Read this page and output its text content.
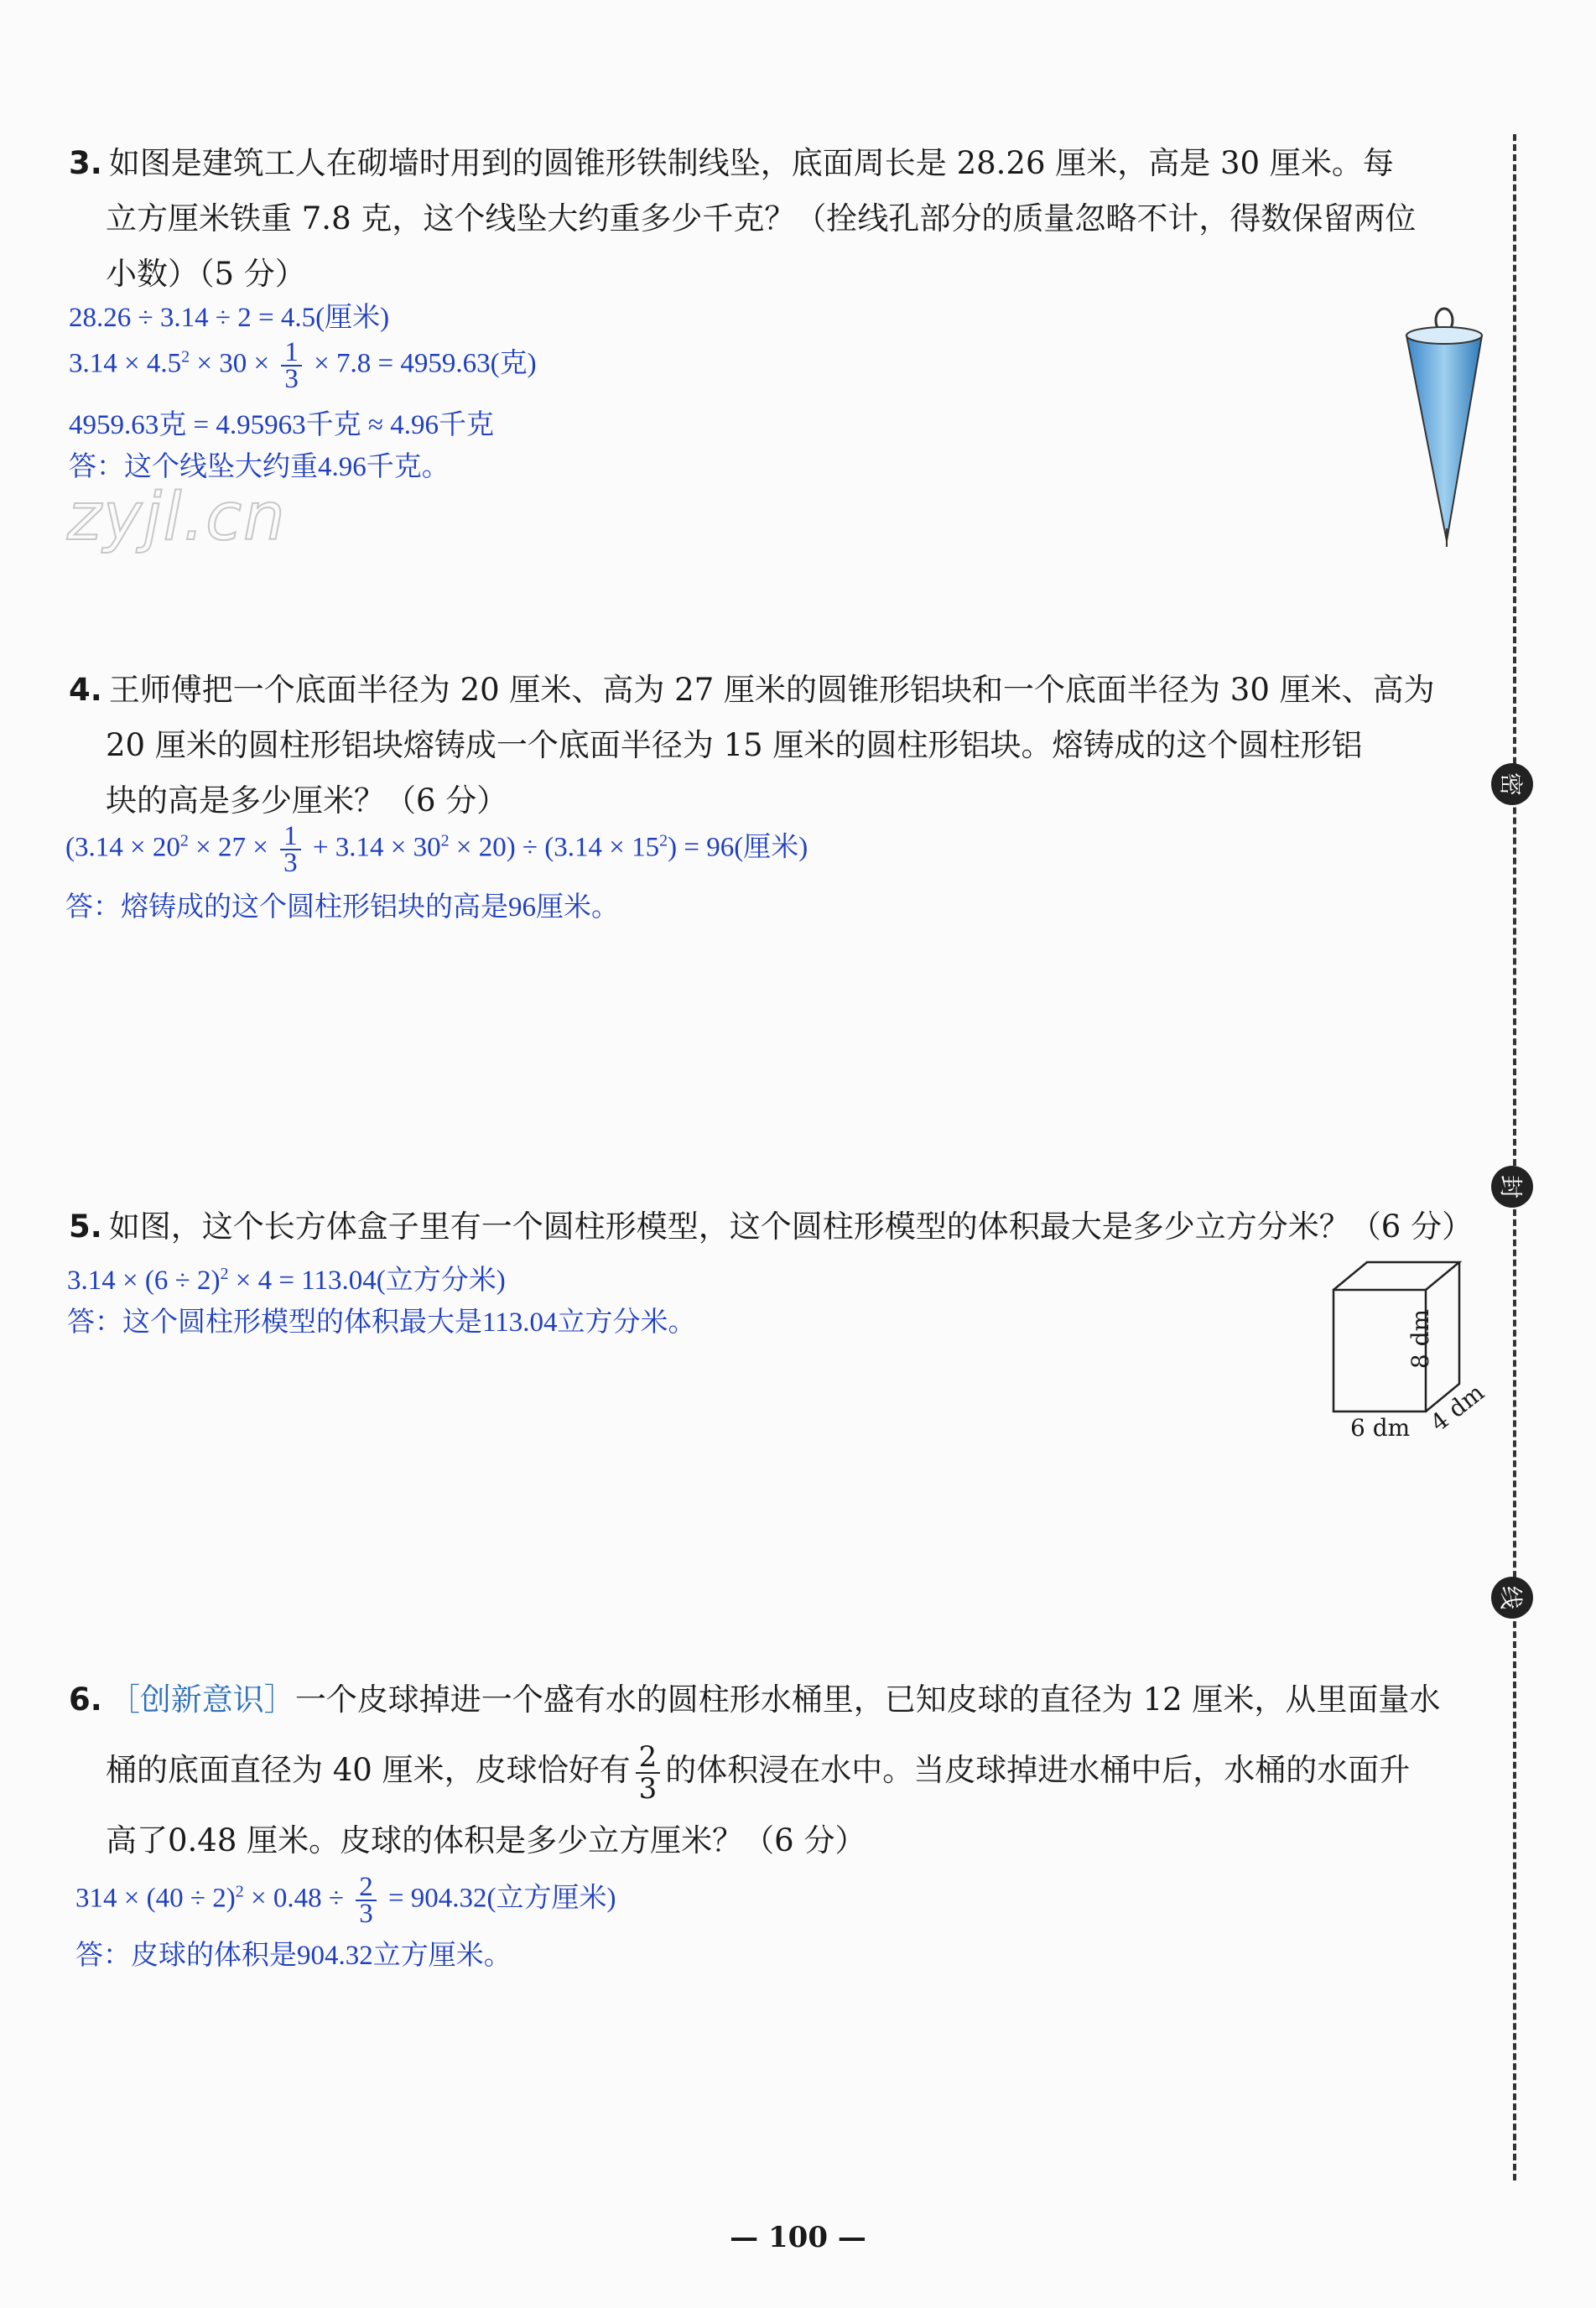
zyjl.cn
密
封
线
3. 如图是建筑工人在砌墙时用到的圆锥形铁制线坠，底面周长是 28.26 厘米，高是 30 厘米。每
立方厘米铁重 7.8 克，这个线坠大约重多少千克？（拴线孔部分的质量忽略不计，得数保留两位
小数）（5 分）
28.26 ÷ 3.14 ÷ 2 = 4.5(厘米)
$3.14 \times 4.5^2 \times 30 \times \frac{1}{3} \times 7.8 = 4959.63$(克)
4959.63克 = 4.95963千克 ≈ 4.96千克
答：这个线坠大约重4.96千克。
4. 王师傅把一个底面半径为 20 厘米、高为 27 厘米的圆锥形铝块和一个底面半径为 30 厘米、高为
20 厘米的圆柱形铝块熔铸成一个底面半径为 15 厘米的圆柱形铝块。熔铸成的这个圆柱形铝
块的高是多少厘米？（6 分）
$(3.14 \times 20^2 \times 27 \times \frac{1}{3} + 3.14 \times 30^2 \times 20) \div (3.14 \times 15^2) = 96$(厘米)
答：熔铸成的这个圆柱形铝块的高是96厘米。
5. 如图，这个长方体盒子里有一个圆柱形模型，这个圆柱形模型的体积最大是多少立方分米？（6 分）
$3.14 \times (6 \div 2)^2 \times 4 = 113.04$(立方分米)
答：这个圆柱形模型的体积最大是113.04立方分米。	8 dm
6 dm 4 dm
6. ［创新意识］一个皮球掉进一个盛有水的圆柱形水桶里，已知皮球的直径为 12 厘米，从里面量水
桶的底面直径为 40 厘米，皮球恰好有 $\frac{2}{3}$ 的体积浸在水中。当皮球掉进水桶中后，水桶的水面升
高了0.48 厘米。皮球的体积是多少立方厘米？（6 分）
$314 \times (40 \div 2)^2 \times 0.48 \div \frac{2}{3} = 904.32$(立方厘米)
答：皮球的体积是904.32立方厘米。
— 100 —
